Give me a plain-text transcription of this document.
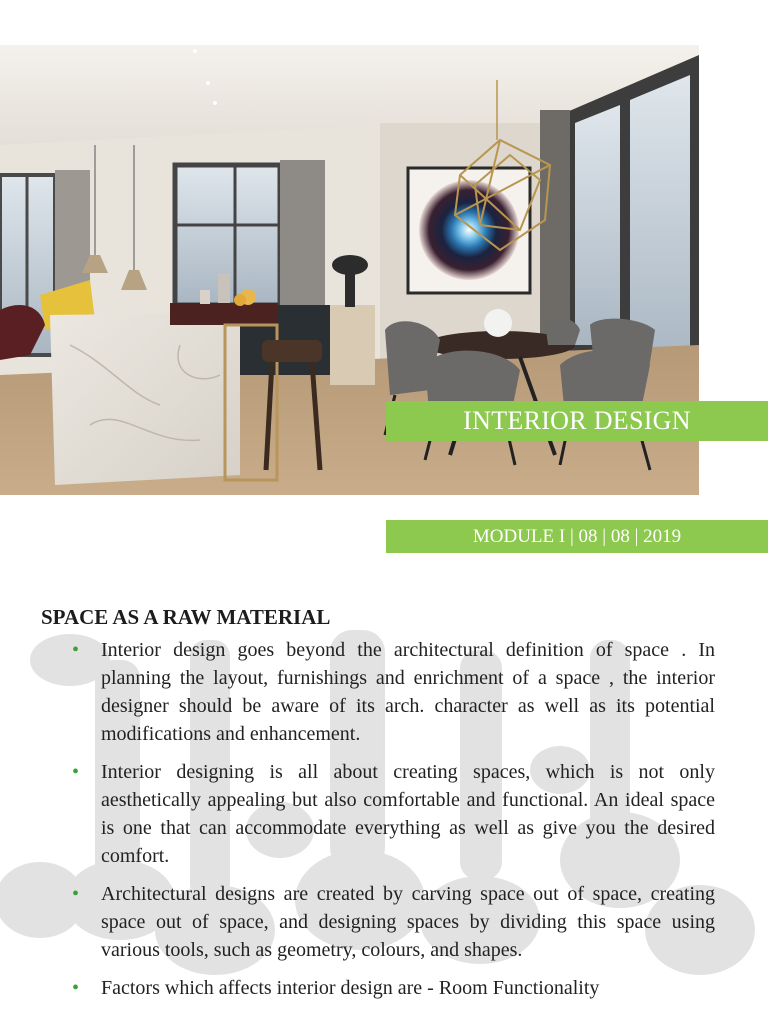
INTERIOR DESIGN
MODULE I | 08 | 08 | 2019
SPACE AS A RAW MATERIAL
• Interior design goes beyond the architectural definition of space . In planning the layout, furnishings and enrichment of a space , the interior designer should be aware of its arch. character as well as its potential modifications and enhancement.
• Interior designing is all about creating spaces, which is not only aesthetically appealing but also comfortable and functional. An ideal space is one that can accommodate everything as well as give you the desired comfort.
• Architectural designs are created by carving space out of space, creating space out of space, and designing spaces by dividing this space using various tools, such as geometry, colours, and shapes.
• Factors which affects interior design are - Room Functionality
